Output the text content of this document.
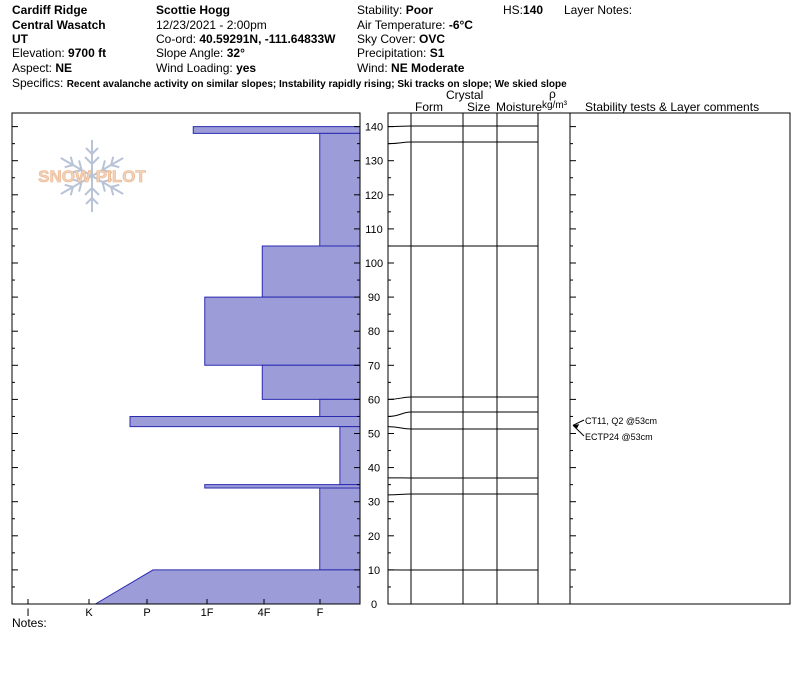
Cardiff Ridge
Central Wasatch
UT
Elevation: 9700 ft
Aspect: NE
Scottie Hogg
12/23/2021 - 2:00pm
Co-ord: 40.59291N, -111.64833W
Slope Angle: 32°
Wind Loading: yes
Stability: Poor
Air Temperature: -6°C
Sky Cover: OVC
Precipitation: S1
Wind: NE Moderate
HS:140 Layer Notes:
Specifics: Recent avalanche activity on similar slopes; Instability rapidly rising; Ski tracks on slope; We skied slope
Notes:
Form
Crystal
Size Moisture
ρ
kg/m³ Stability tests & Layer comments
SNOW PILOT
I	K	P	1F	4F	F
0
10
20
30
40
50
60
70
80
90
100
110
120
130
140
CT11, Q2 @53cm
ECTP24 @53cm
